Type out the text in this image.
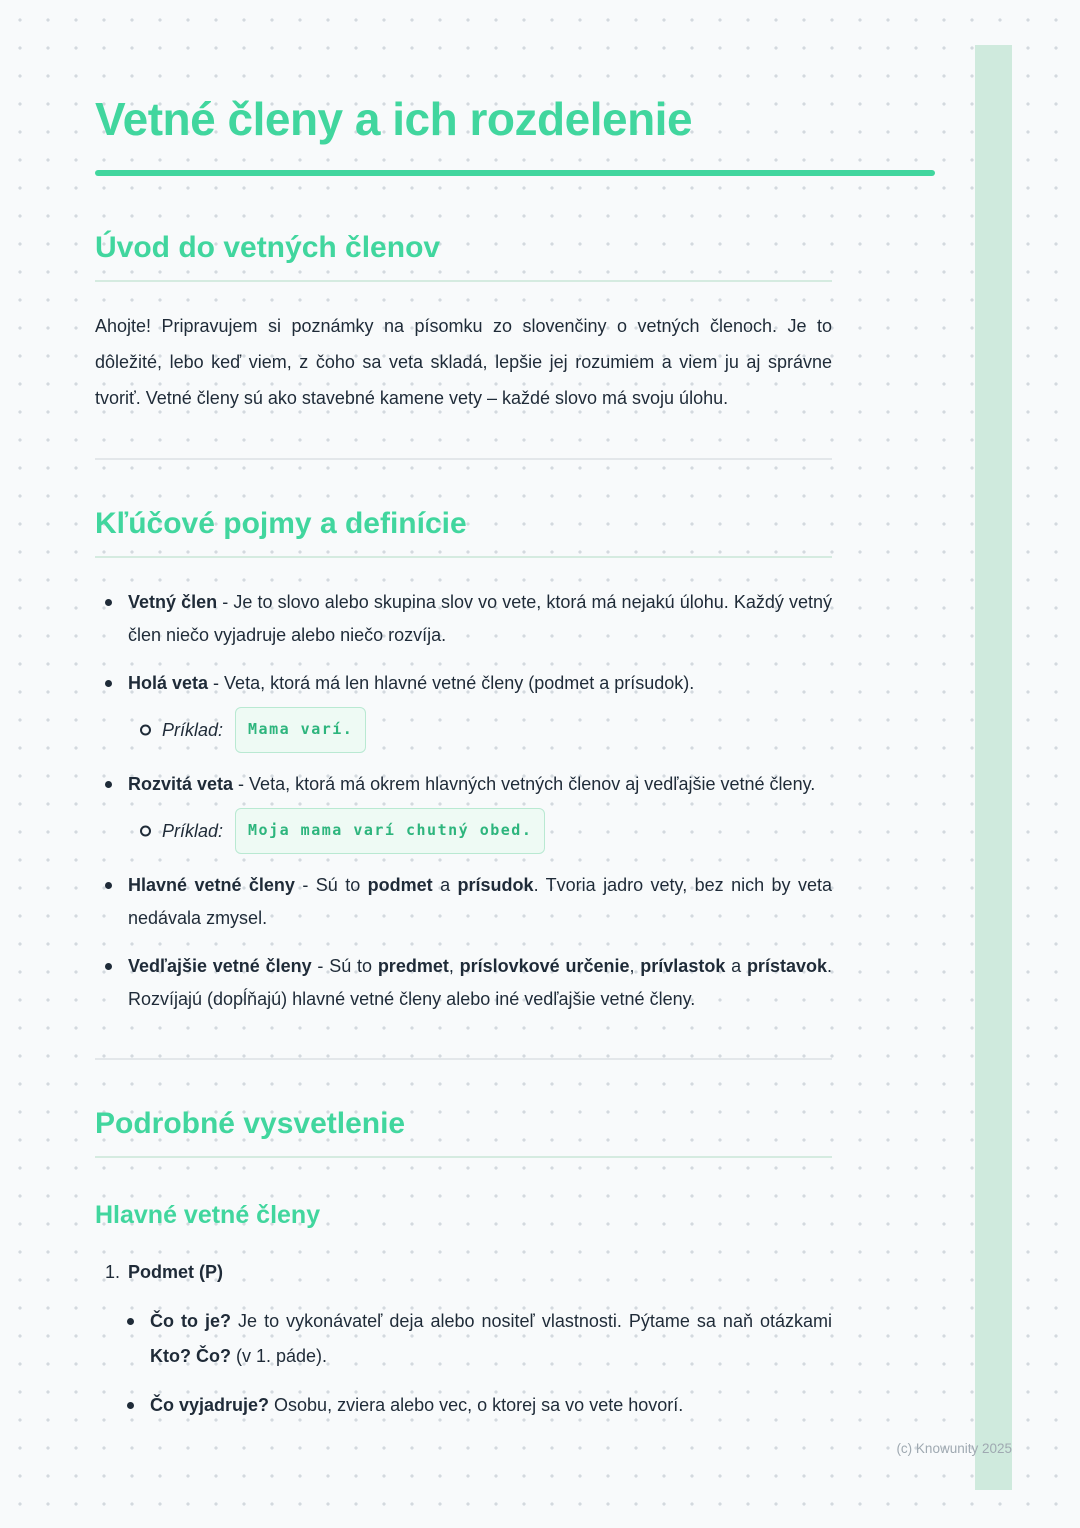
Vetné členy a ich rozdelenie
Úvod do vetných členov

Ahojte! Pripravujem si poznámky na písomku zo slovenčiny o vetných členoch. Je to dôležité, lebo keď viem, z čoho sa veta skladá, lepšie jej rozumiem a viem ju aj správne tvoriť. Vetné členy sú ako stavebné kamene vety – každé slovo má svoju úlohu.

Kľúčové pojmy a definície
Vetný člen - Je to slovo alebo skupina slov vo vete, ktorá má nejakú úlohu. Každý vetný člen niečo vyjadruje alebo niečo rozvíja.
Holá veta - Veta, ktorá má len hlavné vetné členy (podmet a prísudok).
Príklad:	Mama varí.
Rozvitá veta - Veta, ktorá má okrem hlavných vetných členov aj vedľajšie vetné členy.
Príklad:	Moja mama varí chutný obed.
Hlavné vetné členy - Sú to podmet a prísudok. Tvoria jadro vety, bez nich by veta nedávala zmysel.
Vedľajšie vetné členy - Sú to predmet, príslovkové určenie, prívlastok a prístavok. Rozvíjajú (dopĺňajú) hlavné vetné členy alebo iné vedľajšie vetné členy.
Podrobné vysvetlenie
Hlavné vetné členy
1. Podmet (P)
Čo to je? Je to vykonávateľ deja alebo nositeľ vlastnosti. Pýtame sa naň otázkami Kto? Čo? (v 1. páde).
Čo vyjadruje? Osobu, zviera alebo vec, o ktorej sa vo vete hovorí.
(c) Knowunity 2025
